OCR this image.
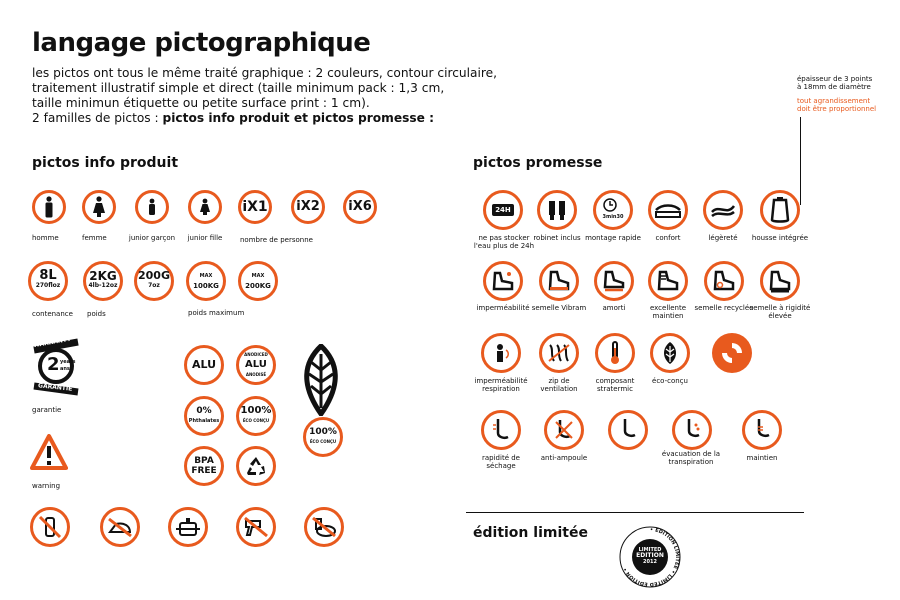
langage pictographique
les pictos ont tous le même traité graphique : 2 couleurs, contour circulaire,
traitement illustratif simple et direct (taille minimum pack : 1,3 cm,
taille minimun étiquette ou petite surface print : 1 cm).
2 familles de pictos : pictos info produit et pictos promesse :
épaisseur de 3 points
à 18mm de diamètre
tout agrandissement
doit être proportionnel
pictos info produit	pictos promesse
homme	femme	junior garçon	junior fille
iX1 iX2 iX6
nombre de personne
8L
270floz
contenance
2KG
4lb-12oz
poids
200G
7oz
MAX
100KG
MAX
200KG
poids maximum
WARRANTY
2 years
ans
GARANTIE
garantie
warning
ALU
ANODICED
ALU
ANODISÉ
0%
Phthalates
100%
ÉCO CONÇU
BPA
FREE
100%
ÉCO CONÇU
24H
ne pas stocker l'eau plus de 24h
robinet inclus
3min30
montage rapide	confort	légèreté	housse intégrée
imperméabilité semelle Vibram	amorti	excellente maintien
semelle recyclée
semelle à rigidité élevée
imperméabilité respiration
zip de ventilation
composant stratermic
éco-conçu
rapidité de séchage
anti-ampoule	évacuation de la transpiration	maintien
édition limitée	• EDITION LIMITÉE • LIMITED EDITION •
LIMITED
EDITION
2012
